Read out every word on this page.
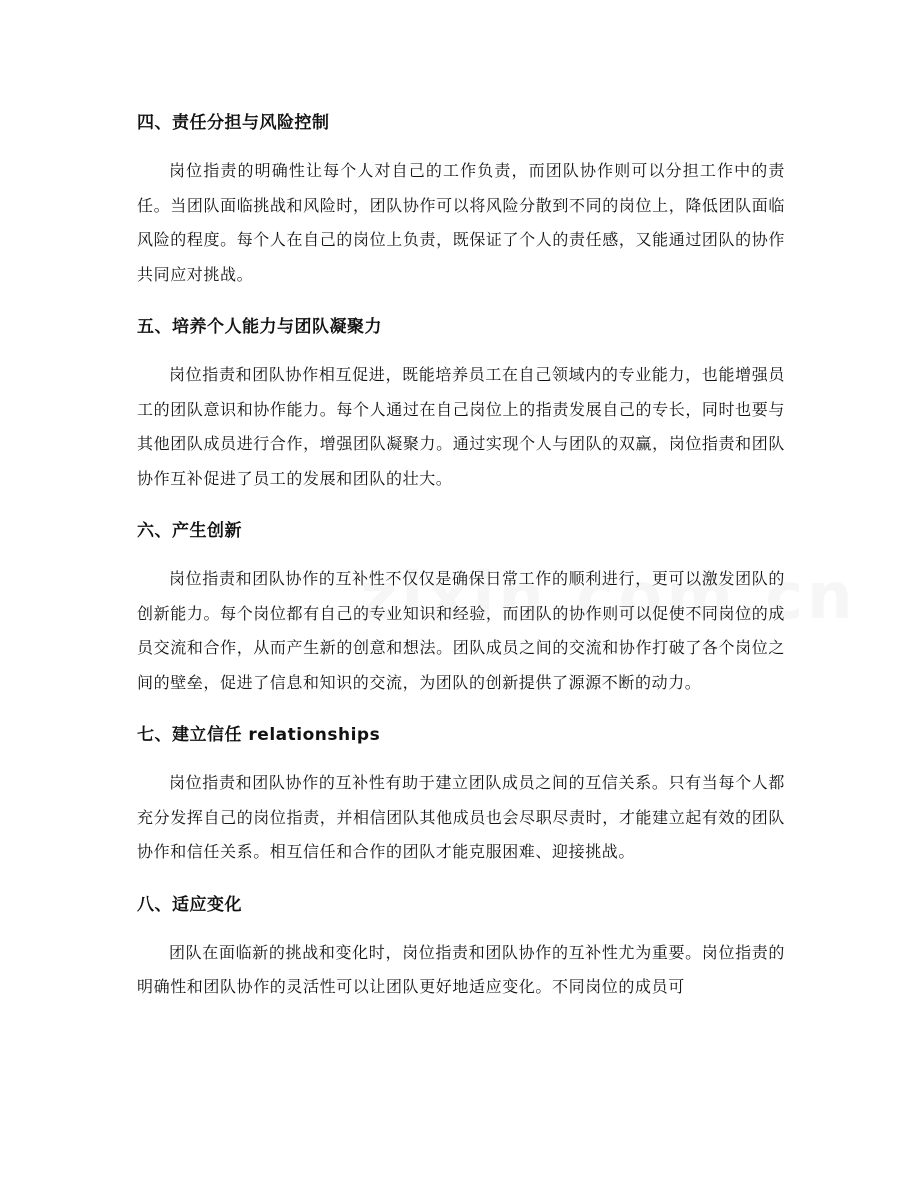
四、责任分担与风险控制

岗位指责的明确性让每个人对自己的工作负责，而团队协作则可以分担工作中的责任。当团队面临挑战和风险时，团队协作可以将风险分散到不同的岗位上，降低团队面临风险的程度。每个人在自己的岗位上负责，既保证了个人的责任感，又能通过团队的协作共同应对挑战。

五、培养个人能力与团队凝聚力

岗位指责和团队协作相互促进，既能培养员工在自己领域内的专业能力，也能增强员工的团队意识和协作能力。每个人通过在自己岗位上的指责发展自己的专长，同时也要与其他团队成员进行合作，增强团队凝聚力。通过实现个人与团队的双赢，岗位指责和团队协作互补促进了员工的发展和团队的壮大。

六、产生创新

岗位指责和团队协作的互补性不仅仅是确保日常工作的顺利进行，更可以激发团队的创新能力。每个岗位都有自己的专业知识和经验，而团队的协作则可以促使不同岗位的成员交流和合作，从而产生新的创意和想法。团队成员之间的交流和协作打破了各个岗位之间的壁垒，促进了信息和知识的交流，为团队的创新提供了源源不断的动力。

七、建立信任 relationships

岗位指责和团队协作的互补性有助于建立团队成员之间的互信关系。只有当每个人都充分发挥自己的岗位指责，并相信团队其他成员也会尽职尽责时，才能建立起有效的团队协作和信任关系。相互信任和合作的团队才能克服困难、迎接挑战。

八、适应变化

团队在面临新的挑战和变化时，岗位指责和团队协作的互补性尤为重要。岗位指责的明确性和团队协作的灵活性可以让团队更好地适应变化。不同岗位的成员可
